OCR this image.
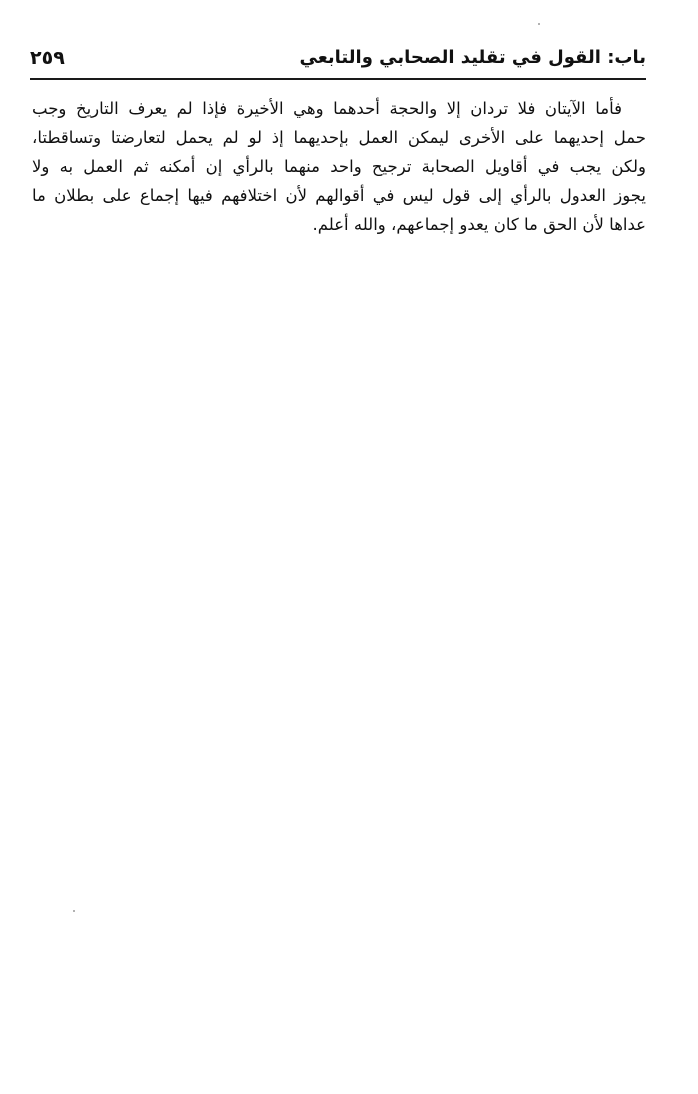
باب: القول في تقليد الصحابي والتابعي
٢٥٩
فأما الآيتان فلا تردان إلا والحجة أحدهما وهي الأخيرة فإذا لم يعرف التاريخ وجب
حمل إحديهما على الأخرى ليمكن العمل بإحديهما إذ لو لم يحمل لتعارضتا وتساقطتا،
ولكن يجب في أقاويل الصحابة ترجيح واحد منهما بالرأي إن أمكنه ثم العمل به ولا
يجوز العدول بالرأي إلى قول ليس في أقوالهم لأن اختلافهم فيها إجماع على بطلان ما
عداها لأن الحق ما كان يعدو إجماعهم، والله أعلم.
